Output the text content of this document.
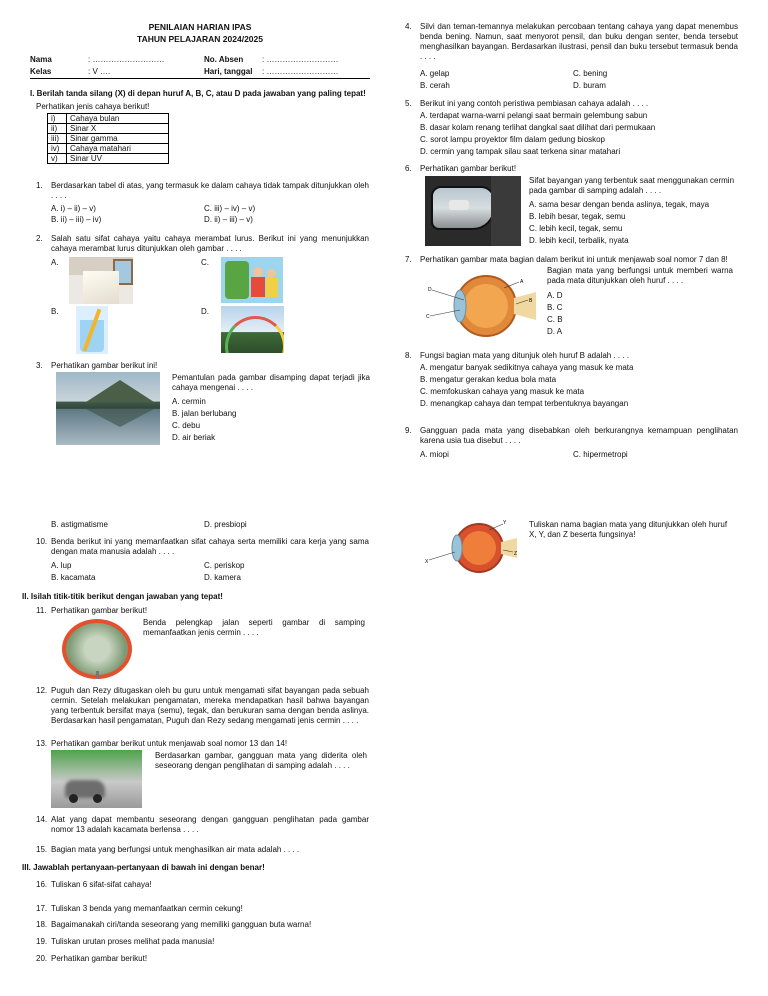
PENILAIAN HARIAN IPAS
TAHUN PELAJARAN 2024/2025
Nama	: ………………………
Kelas	: V ….
No. Absen : ………………………
Hari, tanggal : ………………………
I. Berilah tanda silang (X) di depan huruf A, B, C, atau D pada jawaban yang paling tepat!
Perhatikan jenis cahaya berikut!
i)	Cahaya bulan
ii)	Sinar X
iii)	Sinar gamma
iv)	Cahaya matahari
v)	Sinar UV
1. Berdasarkan tabel di atas, yang termasuk ke dalam cahaya tidak tampak ditunjukkan oleh . . . .
A. i) – ii) – v)
B. ii) – iii) – iv)
C. iii) – iv) – v)
D. ii) – iii) – v)
2. Salah satu sifat cahaya yaitu cahaya merambat lurus. Berikut ini yang menunjukkan cahaya merambat lurus ditunjukkan oleh gambar . . . .
A.	C.
B.	D.
3. Perhatikan gambar berikut ini!
Pemantulan pada gambar disamping dapat terjadi jika cahaya mengenai . . . .
A. cermin
B. jalan berlubang
C. debu
D. air beriak
B. astigmatisme	D. presbiopi
10. Benda berikut ini yang memanfaatkan sifat cahaya serta memiliki cara kerja yang sama dengan mata manusia adalah . . . .
A. lup
B. kacamata
C. periskop
D. kamera
II. Isilah titik-titik berikut dengan jawaban yang tepat!
11. Perhatikan gambar berikut!
Benda pelengkap jalan seperti gambar di samping memanfaatkan jenis cermin . . . .
12. Puguh dan Rezy ditugaskan oleh bu guru untuk mengamati sifat bayangan pada sebuah cermin. Setelah melakukan pengamatan, mereka mendapatkan hasil bahwa bayangan yang terbentuk bersifat maya (semu), tegak, dan berukuran sama dengan benda aslinya. Berdasarkan hasil pengamatan, Puguh dan Rezy sedang mengamati jenis cermin . . . .
13. Perhatikan gambar berikut untuk menjawab soal nomor 13 dan 14!
Berdasarkan gambar, gangguan mata yang diderita oleh seseorang dengan penglihatan di samping adalah . . . .
14. Alat yang dapat membantu seseorang dengan gangguan penglihatan pada gambar nomor 13 adalah kacamata berlensa . . . .
15. Bagian mata yang berfungsi untuk menghasilkan air mata adalah . . . .
III. Jawablah pertanyaan-pertanyaan di bawah ini dengan benar!
16. Tuliskan 6 sifat-sifat cahaya!
17. Tuliskan 3 benda yang memanfaatkan cermin cekung!
18. Bagaimanakah ciri/tanda seseorang yang memiliki gangguan buta warna!
19. Tuliskan urutan proses melihat pada manusia!
20. Perhatikan gambar berikut!
4. Silvi dan teman-temannya melakukan percobaan tentang cahaya yang dapat menembus benda bening. Namun, saat menyorot pensil, dan buku dengan senter, benda tersebut menghasilkan bayangan. Berdasarkan ilustrasi, pensil dan buku tersebut termasuk benda . . . .
A. gelap
B. cerah
C. bening
D. buram
5. Berikut ini yang contoh peristiwa pembiasan cahaya adalah . . . .
A. terdapat warna-warni pelangi saat bermain gelembung sabun
B. dasar kolam renang terlihat dangkal saat dilihat dari permukaan
C. sorot lampu proyektor film dalam gedung bioskop
D. cermin yang tampak silau saat terkena sinar matahari
6. Perhatikan gambar berikut!
Sifat bayangan yang terbentuk saat menggunakan cermin pada gambar di samping adalah . . . .
A. sama besar dengan benda aslinya, tegak, maya
B. lebih besar, tegak, semu
C. lebih kecil, tegak, semu
D. lebih kecil, terbalik, nyata
7. Perhatikan gambar mata bagian dalam berikut ini untuk menjawab soal nomor 7 dan 8!
D
C
A
B
Bagian mata yang berfungsi untuk memberi warna pada mata ditunjukkan oleh huruf . . . .
A. D
B. C
C. B
D. A
8. Fungsi bagian mata yang ditunjuk oleh huruf B adalah . . . .
A. mengatur banyak sedikitnya cahaya yang masuk ke mata
B. mengatur gerakan kedua bola mata
C. memfokuskan cahaya yang masuk ke mata
D. menangkap cahaya dan tempat terbentuknya bayangan
9. Gangguan pada mata yang disebabkan oleh berkurangnya kemampuan penglihatan karena usia tua disebut . . . .
A. miopi	C. hipermetropi
X
Y
Z
Tuliskan nama bagian mata yang ditunjukkan oleh huruf X, Y, dan Z beserta fungsinya!
